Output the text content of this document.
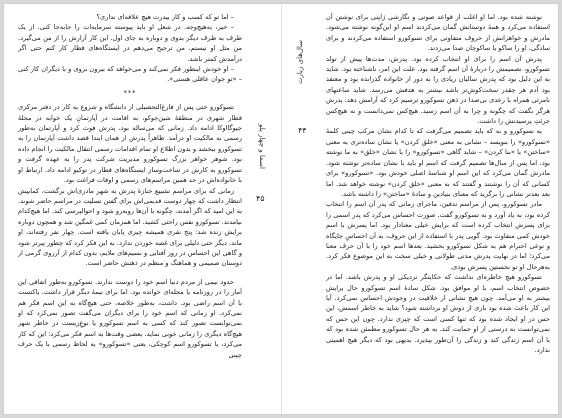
– اما تو که کسب و کار بیدرت هیچ علاقه‌ای نداری؟

– خیر، به‌هیچ‌وجه. در شغل او باید پیوسته سرمایه‌ات را جابه‌جا کنی. از یک طرف به طرف دیگر بدوی و دوباره به جای اول. این کار آزارش را از من می‌گیرد. من مثل او نیستم. من ترجیح می‌دهم در ایستگاه‌های قطار کار کنم حتی اگر درآمدش کمتر باشد.

– او خودش اینطور فکر نمی‌کند و می‌خواهد که بیرون بروی و با دیگران کار کنی – «تو جوان عاقلی هستی».

***

تسوکورو حتی پس از فارغ‌التحصیلی از دانشگاه و شروع به کار در دفتر مرکزی قطار شهری در منطقهٔ شین‌جوکو، به اقامت در آپارتمانِ یک خوابه در محلهٔ جیوگااوکا ادامه داد. زمانی که می‌ساله بود، پدرش فوت کرد و آپارتمان به‌طور رسمی به مالکیت او درآمد. ظاهراً پدرش از همان ابتدا قصد داشت آپارتمان را به تسوکورو ببخشد و بدون اطلاع او تمام اقدامات رسمی انتقال مالکیت را انجام داده بود. شوهر خواهر بزرگ تسوکورو مدیریت شرکت پدر را به عهده گرفت و تسوکورو به کارش در ساخت‌وساز ایستگاه‌های قطار در توکیو ادامه داد. ارتباط او با خانواده‌اش در حد همین مراسم‌های رسمی و اوقات فراغت بود.

زمانی که برای مراسم تشییع جنازهٔ پدرش به شهر مادری‌اش برگشت، کماییش انتظار داشت که چهار دوست قدیمی‌اش برای گفتن تسلیت در مراسم حاضر شوند. به این امید که اگر آمدند، چگونه با آن‌ها روبه‌رو شود و احوالپرسی کند. اما هیچ‌کدام نیامدند. تسوکورو نفس راحتی کشید. اما همزمان کمی غمگین شد و همچون دوباره برایش زنده شد: پنج نفری همیشه چیزی پایان یافته است. چهار نفر رفته‌اند، او ماند. دیگر حتی دلیلی برای غصه خوردن ندارد. به این فکر کرد که چطور پیرتر شود و گاهی این احساس در روز آفتابی و نسیم‌های ملایم، بدون کدام از آرزوی گرمی از دوستان صمیمی و هماهنگ و منظم در ذهنش حاضر است.

حدود نیمی از مردم دنیا اسم خود را دوست ندارند. تسوکورو به‌طور اتفاقی این آمار را در روزنامه یا مجله‌ای خوانده بود. اما برای نیمهٔ دیگر قرار داشت. یاکتست با آن اسم راضی بود. داشت، به‌طور خلاصه، حتی هیچ‌گاه به این اسم فکر هم نمی‌کرد. او زمانی که اسم خود را برای دیگران می‌گفت تصور نمی‌کرد که او نمی‌توانست تصور کند که کسی به اسم تسوکورو یا نوعِ‌زیست در خاطر شهر هیچ‌گاه دیگری را زمانی خوبی نماید. بعضی وقت‌ها به اسم فکر می‌کرد: این که کار می‌کرد، یا تسوکورو اسم کوچکی، یعنی «تسوکورو» به لحاظ رسمی با یک حرف چینی

اسما و چهار پلو
۴۵

نوشته شده بود. اما او اغلب از قواعد صوتی و نگارشی ژاپنی برای نوشتن آن استفاده می‌کرد و همهٔ دوستانش گمان می‌کردند اسم او این‌گونه نوشته می‌شود. مادرش و خواهرانش از حروف متفاوتی برای تسوکورو استفاده می‌کردند و برای سادگی، او را ساکو یا ساکوچان صدا می‌زدند.

پدرش آن اسم را برای او انتخاب کرده بود. پدرش، مدت‌ها پیش از تولد تسوکورو، تصمیمش را دربارهٔ آن اسم گرفته بود. علت این امر، ناشناخته بود. شاید به این دلیل بود که پدرش سالیان زیادی را به دور از خانواده گذرانده بود و معتقد بود آدم هر چقدر سخت‌کوش‌تر باشد بیشتر به هدفش می‌رسد. شاید ساعتهای نامرئی همراه با رعدی بی‌صدا در ذهن تسوکورو ترسیم کرد که آرامش دهد. پدرش هرگز نگفت که چگونه و چرا به آن اسم رسید. هیچ‌کس نمی‌دانست و نه هیچ‌کس جرئتِ پرسیدنش را داشت.

به تسوکورو و نه که باید تصمیم می‌گرفت که تا کدام نشان مرکب چینی کلمهٔ «تسوکورو» را بنویسد – نشانی به معنی «خلق کردن» یا نشان ساده‌تری به معنی «ساختن» یا «بنا کردن» – شاید گاهی «تسوکورو» را با نشان «خلق» به ما نوشته بود، اما پس از سال‌ها تصمیم گرفت که اسم او باید با نشان ساده‌تر نوشته شود. مادرش گمان می‌کرد که این اسم او شناسهٔ اصلی خودش بود. «تسوکورو» برای کسانی که آن را نوشتند و گفتند که به معنی «خلق کردن» نوشته خواهد شد. اما بعد بعدتر نشانی را برگزید که معنای بنیادین و سادهٔ «ساختن» را داشته باشد.

مادر تسوکورو، پس از مراسم تدفین، ماجرای زمانی که پدر آن اسم را انتخاب کرده بود، به یاد آورد و به تسوکورو گفت. صورت احساس می‌کرد که پدر اسمی را برای پسرش انتخاب کرده است که برایش خیلی معنادار بود. اما پسرش با اسم خودش کمی متفاوت بود. گویی پدر با استفاده از این حروف، به آن احساسِ جایگاه و نوعی احترام هم به شکل تسوکورو بخشید. بعدها اسم خود را با آن حرف معنا می‌کرد؛ اما در نهایت پدرش مدتی طولانی و خیلی سخت به این موضوع فکر کرد. به‌هرحال او تو نخستین پسرش بودی.

تسوکورو هیچ خاطره‌ای نداشت که حکایتگر نزدیکی او و پدرش باشد. اما در خصوص انتخاب اسم، با او موافق بود. شکل سادهٔ اسم تسوکورو حال برایش بیشتر به او می‌آمد. چون هیچ نشانی از خلاقیت در وجودش احساس نمی‌کرد. آیا این کار باعث شده بود باری از دوش او برداشته شود؟ شاید به خاطر اسمش، این حس در او ایجاد شده بود که تنها کسی است که چیزی ندارد. چون این حس که نمی‌توانست به درستی از او حمایت کند. به هر حال تسوکورو مطمئن شده بود که با آن اسم زندگی کند و زندگی را آن‌طور بپذیرد. بدیهی بود که دیگر هیچ اهمیتی ندارد.

سال‌های زیارت
۴۴
